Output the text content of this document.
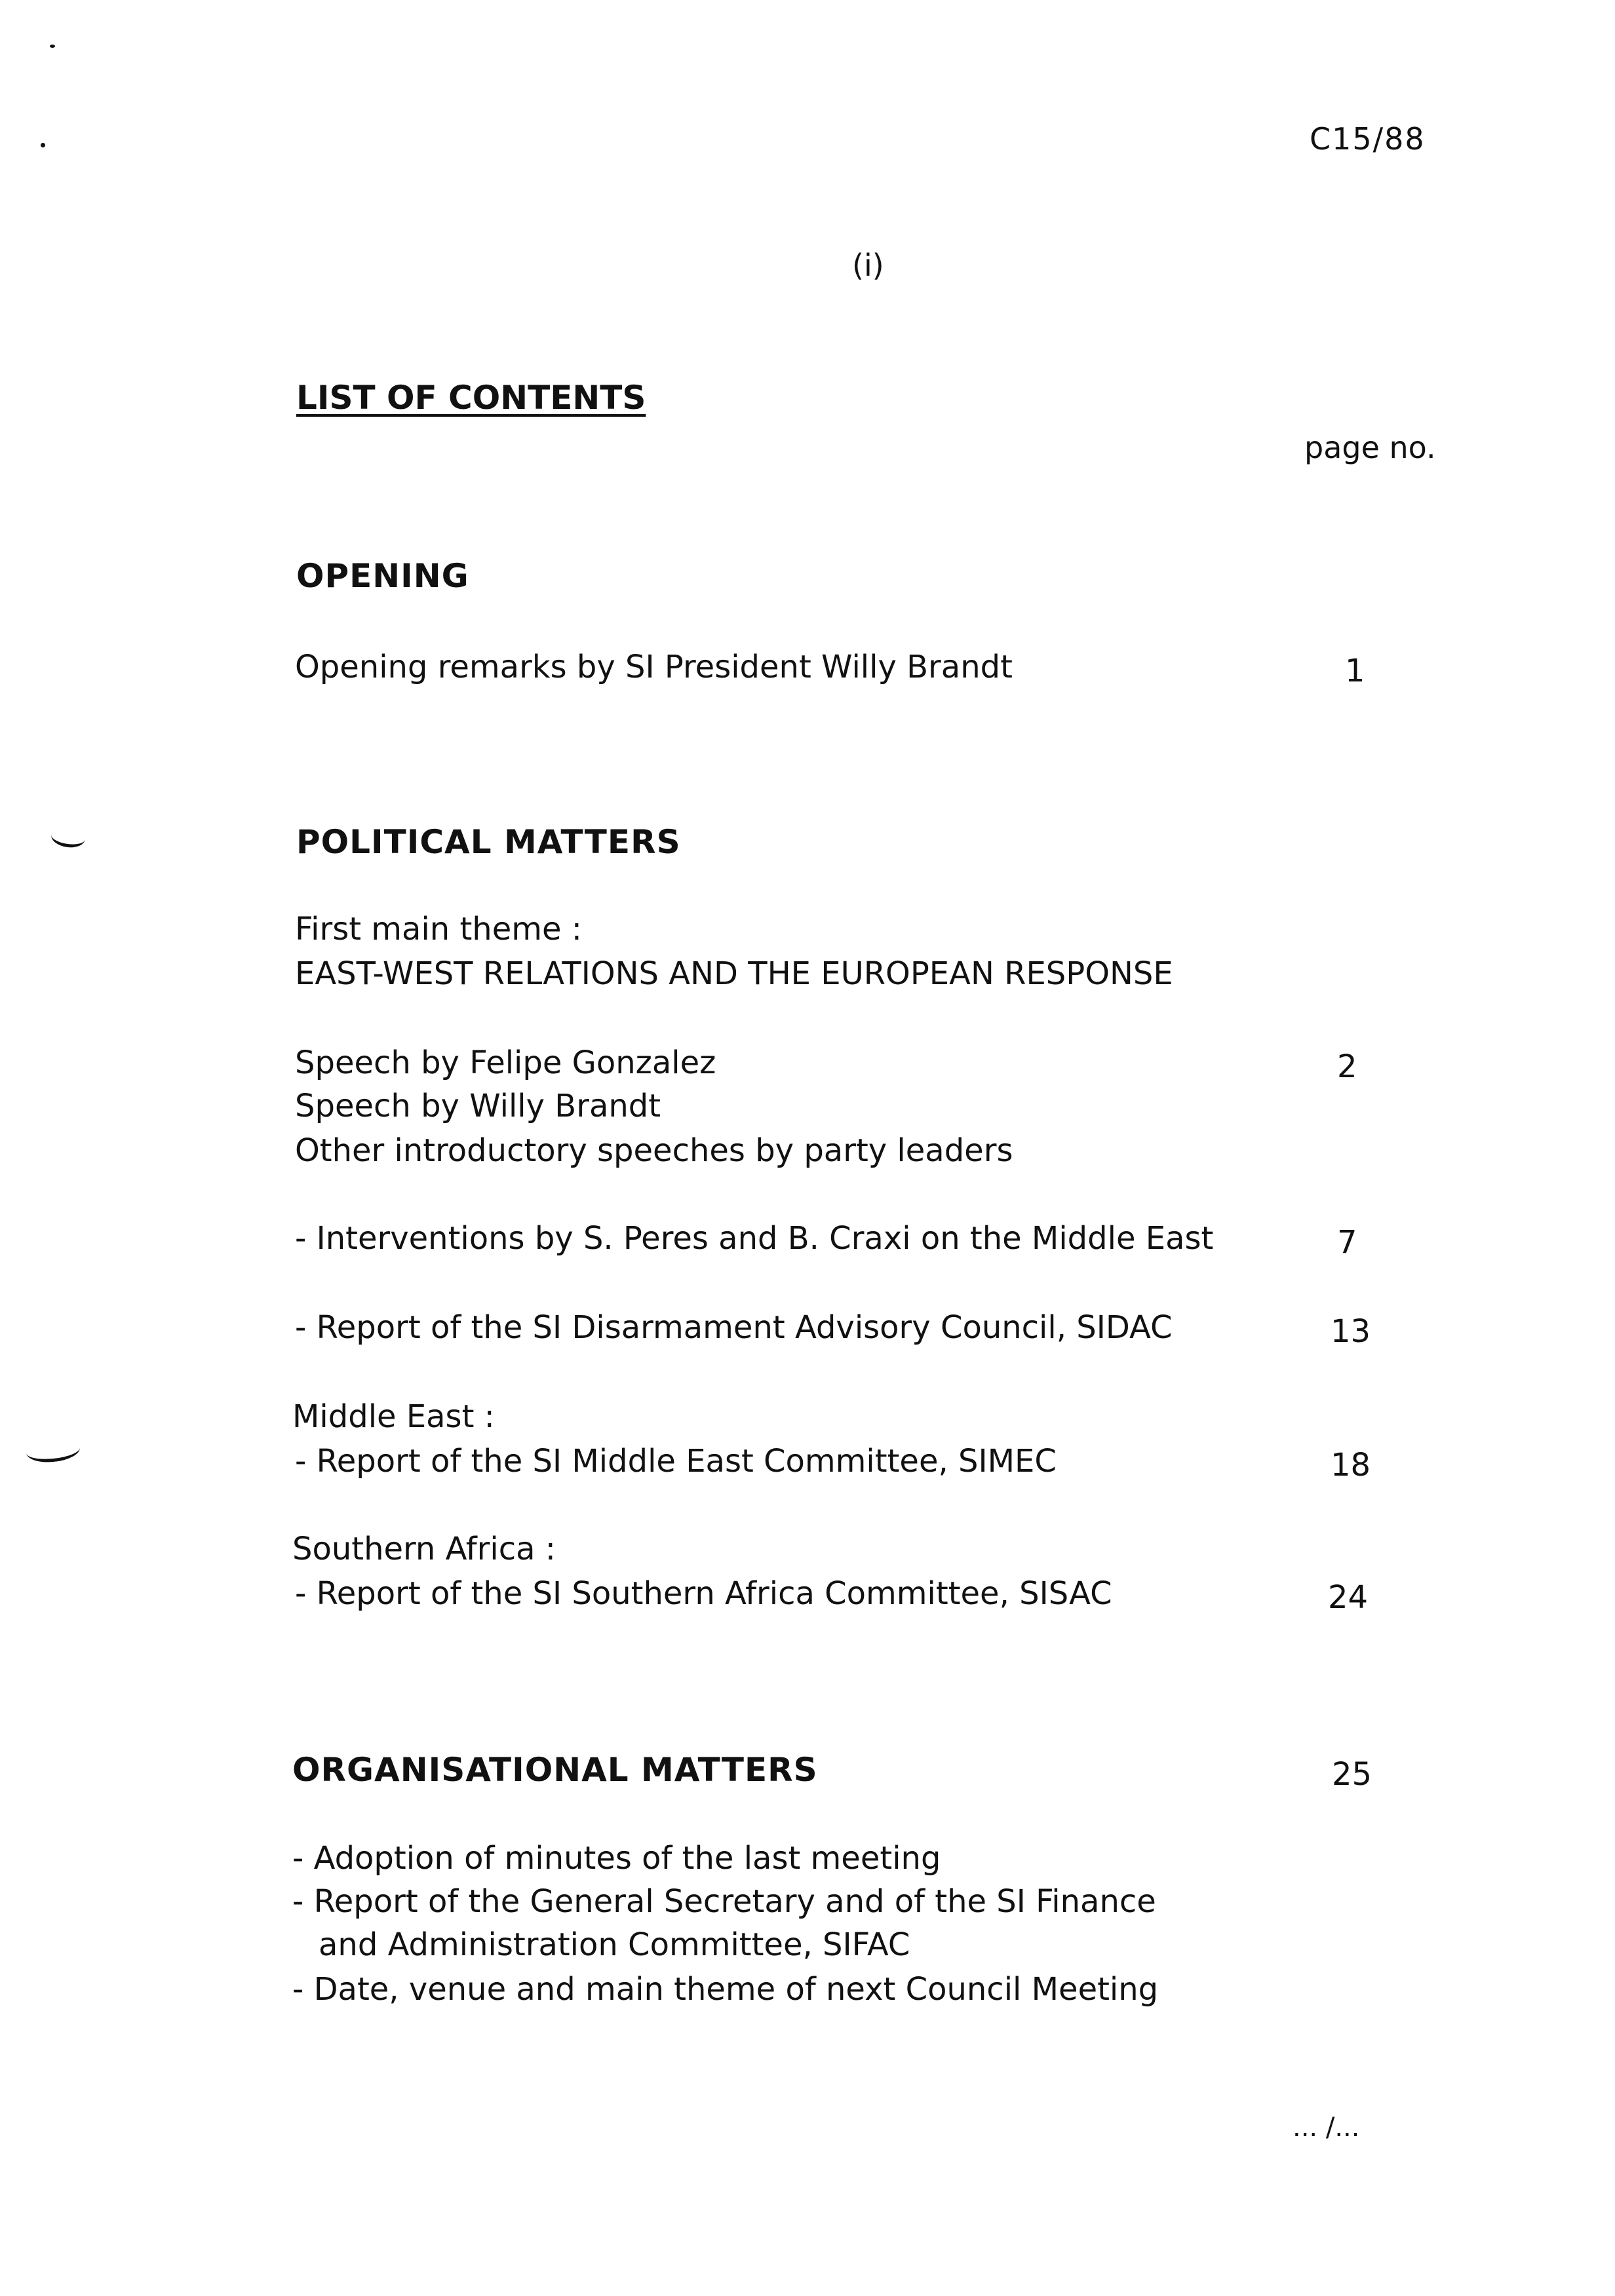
C15/88
(i)
LIST OF CONTENTS
page no.
OPENING
Opening remarks by SI President Willy Brandt	1
POLITICAL MATTERS
First main theme :
EAST-WEST RELATIONS AND THE EUROPEAN RESPONSE
Speech by Felipe Gonzalez	2
Speech by Willy Brandt
Other introductory speeches by party leaders
- Interventions by S. Peres and B. Craxi on the Middle East	7
- Report of the SI Disarmament Advisory Council, SIDAC	13
Middle East :
- Report of the SI Middle East Committee, SIMEC	18
Southern Africa :
- Report of the SI Southern Africa Committee, SISAC	24
ORGANISATIONAL MATTERS	25
- Adoption of minutes of the last meeting
- Report of the General Secretary and of the SI Finance
and Administration Committee, SIFAC
- Date, venue and main theme of next Council Meeting
... /...
